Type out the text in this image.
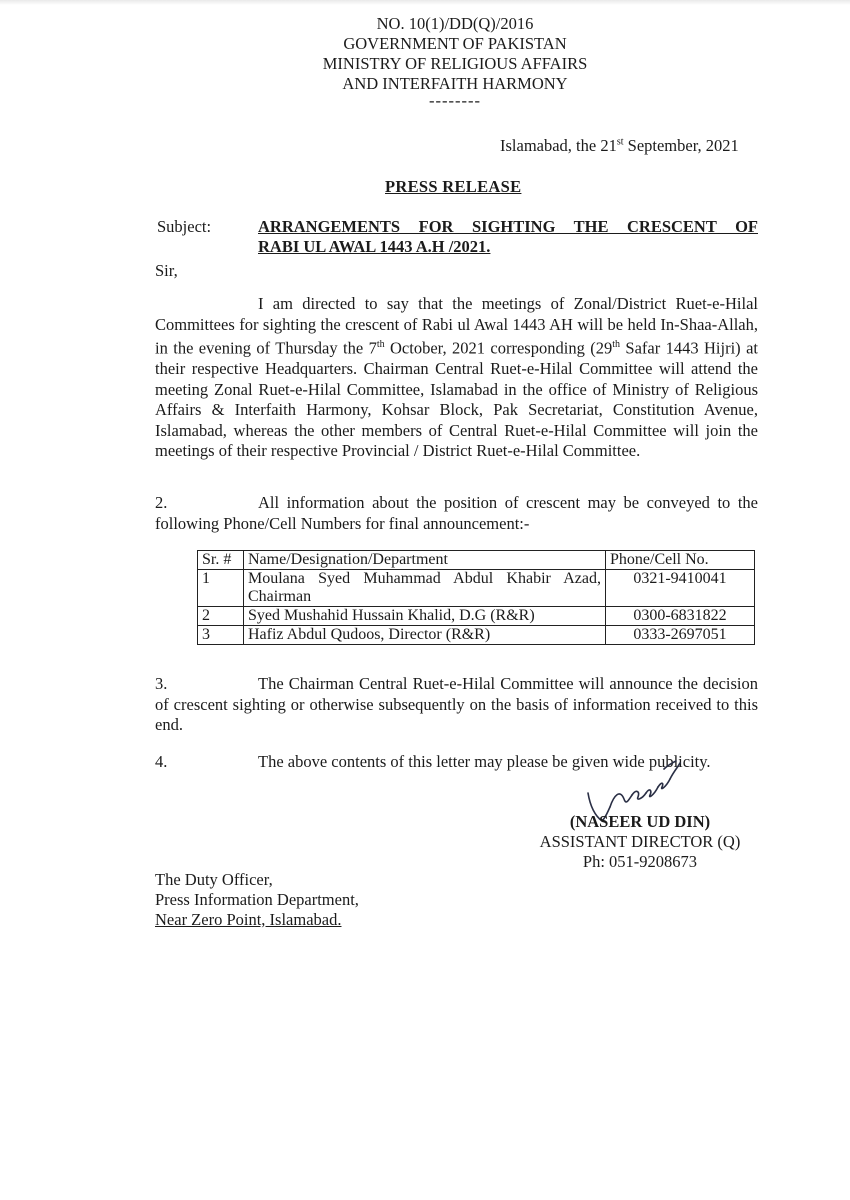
NO. 10(1)/DD(Q)/2016
GOVERNMENT OF PAKISTAN
MINISTRY OF RELIGIOUS AFFAIRS
AND INTERFAITH HARMONY
--------
Islamabad, the 21st September, 2021
PRESS RELEASE
Subject:	ARRANGEMENTS FOR SIGHTING THE CRESCENT OF
RABI UL AWAL 1443 A.H /2021.
Sir,
I am directed to say that the meetings of Zonal/District Ruet-e-Hilal Committees for sighting the crescent of Rabi ul Awal 1443 AH will be held In-Shaa-Allah, in the evening of Thursday the 7th October, 2021 corresponding (29th Safar 1443 Hijri) at their respective Headquarters. Chairman Central Ruet-e-Hilal Committee will attend the meeting Zonal Ruet-e-Hilal Committee, Islamabad in the office of Ministry of Religious Affairs & Interfaith Harmony, Kohsar Block, Pak Secretariat, Constitution Avenue, Islamabad, whereas the other members of Central Ruet-e-Hilal Committee will join the meetings of their respective Provincial / District Ruet-e-Hilal Committee.
2.	All information about the position of crescent may be conveyed to the following Phone/Cell Numbers for final announcement:-
Sr. #	Name/Designation/Department	Phone/Cell No.
1	Moulana Syed Muhammad Abdul Khabir Azad, Chairman	0321-9410041
2	Syed Mushahid Hussain Khalid, D.G (R&R)	0300-6831822
3	Hafiz Abdul Qudoos, Director (R&R)	0333-2697051
3.	The Chairman Central Ruet-e-Hilal Committee will announce the decision of crescent sighting or otherwise subsequently on the basis of information received to this end.
4.	The above contents of this letter may please be given wide publicity.
(NASEER UD DIN)
ASSISTANT DIRECTOR (Q)
Ph: 051-9208673
The Duty Officer,
Press Information Department,
Near Zero Point, Islamabad.
